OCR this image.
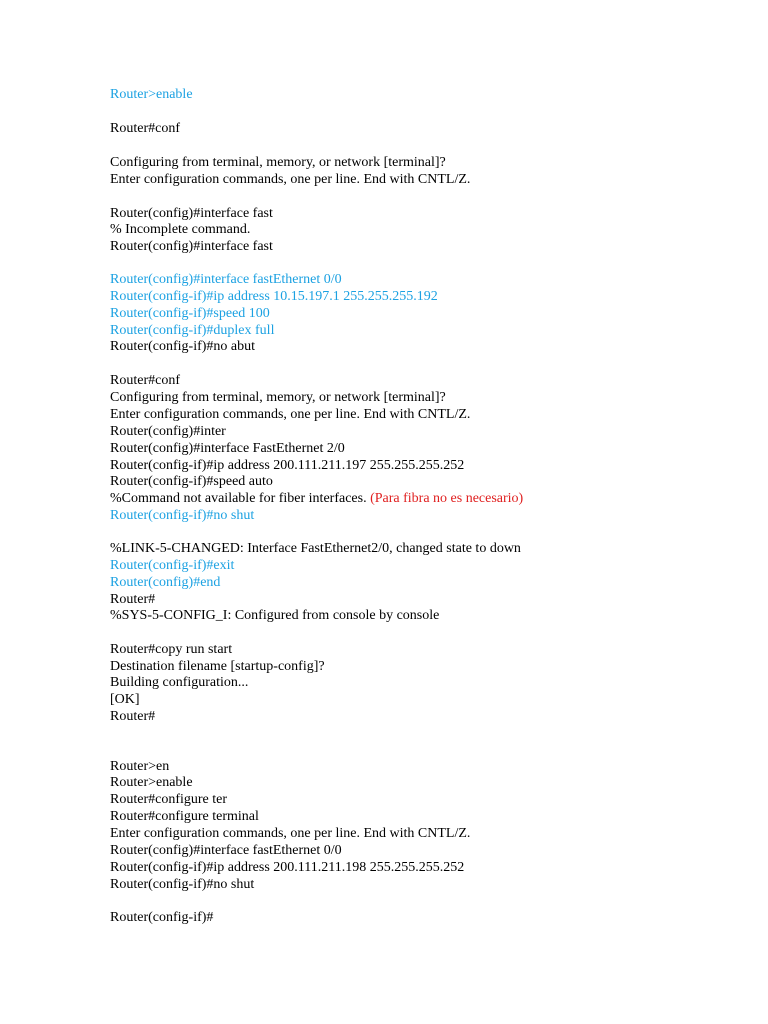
Router>enable
Router#conf
Configuring from terminal, memory, or network [terminal]?
Enter configuration commands, one per line. End with CNTL/Z.
Router(config)#interface fast
% Incomplete command.
Router(config)#interface fast
Router(config)#interface fastEthernet 0/0
Router(config-if)#ip address 10.15.197.1 255.255.255.192
Router(config-if)#speed 100
Router(config-if)#duplex full
Router(config-if)#no abut
Router#conf
Configuring from terminal, memory, or network [terminal]?
Enter configuration commands, one per line. End with CNTL/Z.
Router(config)#inter
Router(config)#interface FastEthernet 2/0
Router(config-if)#ip address 200.111.211.197 255.255.255.252
Router(config-if)#speed auto
%Command not available for fiber interfaces. (Para fibra no es necesario)
Router(config-if)#no shut
%LINK-5-CHANGED: Interface FastEthernet2/0, changed state to down
Router(config-if)#exit
Router(config)#end
Router#
%SYS-5-CONFIG_I: Configured from console by console
Router#copy run start
Destination filename [startup-config]?
Building configuration...
[OK]
Router#
Router>en
Router>enable
Router#configure ter
Router#configure terminal
Enter configuration commands, one per line. End with CNTL/Z.
Router(config)#interface fastEthernet 0/0
Router(config-if)#ip address 200.111.211.198 255.255.255.252
Router(config-if)#no shut
Router(config-if)#
